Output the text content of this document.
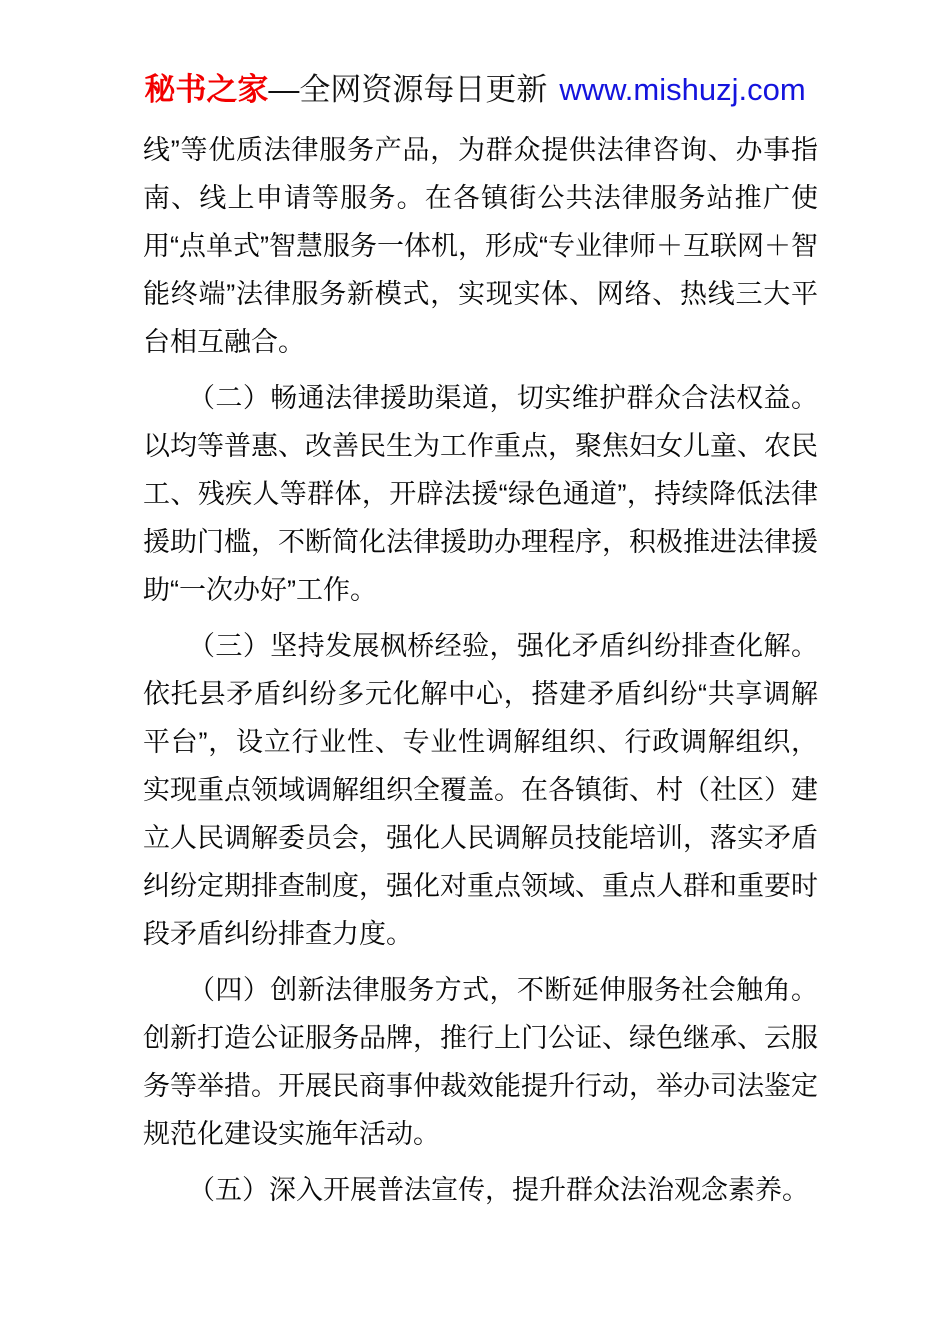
秘书之家—全网资源每日更新 www.mishuzj.com

线”等优质法律服务产品，为群众提供法律咨询、办事指南、线上申请等服务。在各镇街公共法律服务站推广使用“点单式”智慧服务一体机，形成“专业律师＋互联网＋智能终端”法律服务新模式，实现实体、网络、热线三大平台相互融合。

（二）畅通法律援助渠道，切实维护群众合法权益。以均等普惠、改善民生为工作重点，聚焦妇女儿童、农民工、残疾人等群体，开辟法援“绿色通道”，持续降低法律援助门槛，不断简化法律援助办理程序，积极推进法律援助“一次办好”工作。

（三）坚持发展枫桥经验，强化矛盾纠纷排查化解。依托县矛盾纠纷多元化解中心，搭建矛盾纠纷“共享调解平台”，设立行业性、专业性调解组织、行政调解组织，实现重点领域调解组织全覆盖。在各镇街、村（社区）建立人民调解委员会，强化人民调解员技能培训，落实矛盾纠纷定期排查制度，强化对重点领域、重点人群和重要时段矛盾纠纷排查力度。

（四）创新法律服务方式，不断延伸服务社会触角。创新打造公证服务品牌，推行上门公证、绿色继承、云服务等举措。开展民商事仲裁效能提升行动，举办司法鉴定规范化建设实施年活动。

（五）深入开展普法宣传，提升群众法治观念素养。
